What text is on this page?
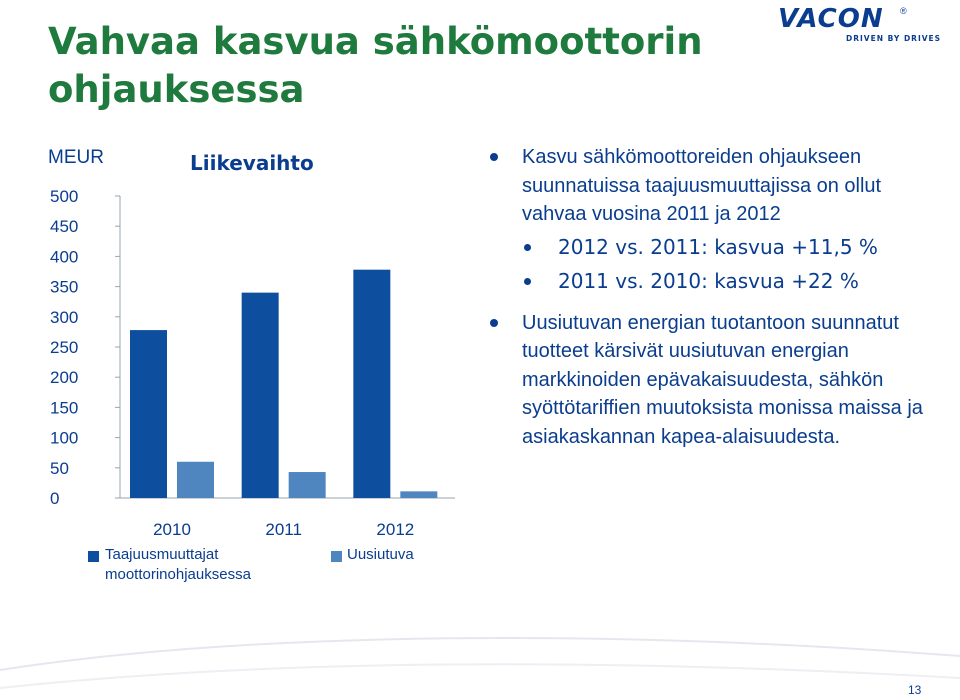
Vahvaa kasvua sähkömoottorin ohjauksessa
VACON ®
DRIVEN BY DRIVES
MEUR	Liikevaihto
0
50
100
150
200
250
300
350
400
450
500
2010	2011	2012
Taajuusmuuttajat moottorinohjauksessa
Uusiutuva
Kasvu sähkömoottoreiden ohjaukseen suunnatuissa taajuusmuuttajissa on ollut vahvaa vuosina 2011 ja 2012
2012 vs. 2011: kasvua +11,5 %
2011 vs. 2010: kasvua +22 %
Uusiutuvan energian tuotantoon suunnatut tuotteet kärsivät uusiutuvan energian markkinoiden epävakaisuudesta, sähkön syöttötariffien muutoksista monissa maissa ja asiakaskannan kapea-alaisuudesta.
13
